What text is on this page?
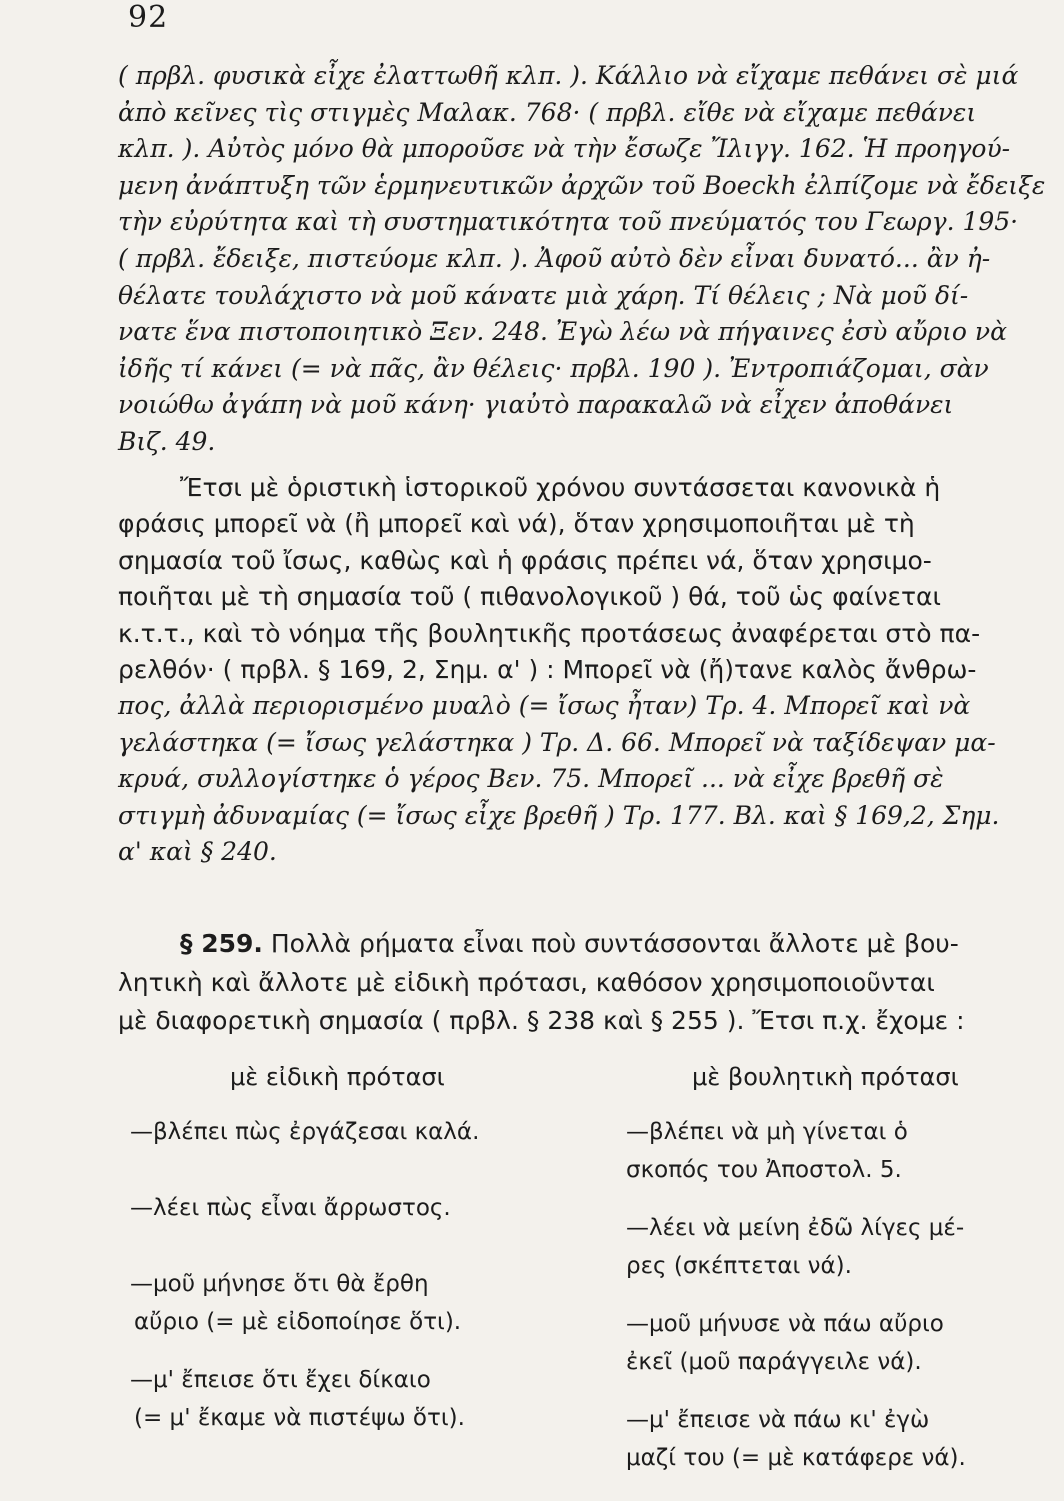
92
( πρβλ. φυσικὰ εἶχε ἐλαττωθῆ κλπ. ). Κάλλιο νὰ εἴχαμε πεθάνει σὲ μιά
ἀπὸ κεῖνες τὶς στιγμὲς Μαλακ. 768· ( πρβλ. εἴθε νὰ εἴχαμε πεθάνει
κλπ. ). Αὐτὸς μόνο θὰ μποροῦσε νὰ τὴν ἔσωζε Ἴλιγγ. 162. Ἡ προηγού-
μενη ἀνάπτυξη τῶν ἑρμηνευτικῶν ἀρχῶν τοῦ Boeckh ἐλπίζομε νὰ ἔδειξε
τὴν εὐρύτητα καὶ τὴ συστηματικότητα τοῦ πνεύματός του Γεωργ. 195·
( πρβλ. ἔδειξε, πιστεύομε κλπ. ). Ἀφοῦ αὐτὸ δὲν εἶναι δυνατό... ἂν ἠ-
θέλατε τουλάχιστο νὰ μοῦ κάνατε μιὰ χάρη. Τί θέλεις ; Νὰ μοῦ δί-
νατε ἕνα πιστοποιητικὸ Ξεν. 248. Ἐγὼ λέω νὰ πήγαινες ἐσὺ αὔριο νὰ
ἰδῆς τί κάνει (= νὰ πᾶς, ἂν θέλεις· πρβλ. 190 ). Ἐντροπιάζομαι, σὰν
νοιώθω ἀγάπη νὰ μοῦ κάνη· γιαὐτὸ παρακαλῶ νὰ εἶχεν ἀποθάνει
Βιζ. 49.
Ἔτσι μὲ ὁριστικὴ ἱστορικοῦ χρόνου συντάσσεται κανονικὰ ἡ
φράσις μπορεῖ νὰ (ἢ μπορεῖ καὶ νά), ὅταν χρησιμοποιῆται μὲ τὴ
σημασία τοῦ ἴσως, καθὼς καὶ ἡ φράσις πρέπει νά, ὅταν χρησιμο-
ποιῆται μὲ τὴ σημασία τοῦ ( πιθανολογικοῦ ) θά, τοῦ ὡς φαίνεται
κ.τ.τ., καὶ τὸ νόημα τῆς βουλητικῆς προτάσεως ἀναφέρεται στὸ πα-
ρελθόν· ( πρβλ. § 169, 2, Σημ. α' ) : Μπορεῖ νὰ (ἤ)τανε καλὸς ἄνθρω-
πος, ἀλλὰ περιορισμένο μυαλὸ (= ἴσως ἦταν) Τρ. 4. Μπορεῖ καὶ νὰ
γελάστηκα (= ἴσως γελάστηκα ) Τρ. Δ. 66. Μπορεῖ νὰ ταξίδεψαν μα-
κρυά, συλλογίστηκε ὁ γέρος Βεν. 75. Μπορεῖ ... νὰ εἶχε βρεθῆ σὲ
στιγμὴ ἀδυναμίας (= ἴσως εἶχε βρεθῆ ) Τρ. 177. Βλ. καὶ § 169,2, Σημ.
α' καὶ § 240.
§ 259. Πολλὰ ρήματα εἶναι ποὺ συντάσσονται ἄλλοτε μὲ βου-
λητικὴ καὶ ἄλλοτε μὲ εἰδικὴ πρότασι, καθόσον χρησιμοποιοῦνται
μὲ διαφορετικὴ σημασία ( πρβλ. § 238 καὶ § 255 ). Ἔτσι π.χ. ἔχομε :
μὲ εἰδικὴ πρότασι	μὲ βουλητικὴ πρότασι
—βλέπει πὼς ἐργάζεσαι καλά.
—λέει πὼς εἶναι ἄρρωστος.
—μοῦ μήνησε ὅτι θὰ ἔρθη
αὔριο (= μὲ εἰδοποίησε ὅτι).
—μ' ἔπεισε ὅτι ἔχει δίκαιο
(= μ' ἔκαμε νὰ πιστέψω ὅτι).
—βλέπει νὰ μὴ γίνεται ὁ
σκοπός του Ἀποστολ. 5.
—λέει νὰ μείνη ἐδῶ λίγες μέ-
ρες (σκέπτεται νά).
—μοῦ μήνυσε νὰ πάω αὔριο
ἐκεῖ (μοῦ παράγγειλε νά).
—μ' ἔπεισε νὰ πάω κι' ἐγὼ
μαζί του (= μὲ κατάφερε νά).
